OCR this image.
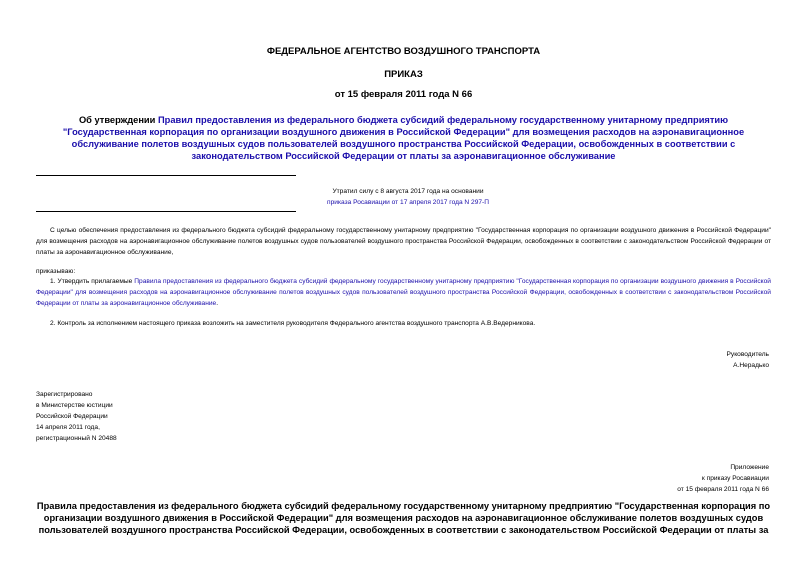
ФЕДЕРАЛЬНОЕ АГЕНТСТВО ВОЗДУШНОГО ТРАНСПОРТА
ПРИКАЗ
от 15 февраля 2011 года N 66
Об утверждении Правил предоставления из федерального бюджета субсидий федеральному государственному унитарному предприятию "Государственная корпорация по организации воздушного движения в Российской Федерации" для возмещения расходов на аэронавигационное обслуживание полетов воздушных судов пользователей воздушного пространства Российской Федерации, освобожденных в соответствии с законодательством Российской Федерации от платы за аэронавигационное обслуживание
Утратил силу с 8 августа 2017 года на основании
приказа Росавиации от 17 апреля 2017 года N 297-П
С целью обеспечения предоставления из федерального бюджета субсидий федеральному государственному унитарному предприятию "Государственная корпорация по организации воздушного движения в Российской Федерации" для возмещения расходов на аэронавигационное обслуживание полетов воздушных судов пользователей воздушного пространства Российской Федерации, освобожденных в соответствии с законодательством Российской Федерации от платы за аэронавигационное обслуживание,
приказываю:
1. Утвердить прилагаемые Правила предоставления из федерального бюджета субсидий федеральному государственному унитарному предприятию "Государственная корпорация по организации воздушного движения в Российской Федерации" для возмещения расходов на аэронавигационное обслуживание полетов воздушных судов пользователей воздушного пространства Российской Федерации, освобожденных в соответствии с законодательством Российской Федерации от платы за аэронавигационное обслуживание.
2. Контроль за исполнением настоящего приказа возложить на заместителя руководителя Федерального агентства воздушного транспорта А.В.Ведерникова.
Руководитель
А.Нерадько
Зарегистрировано
в Министерстве юстиции
Российской Федерации
14 апреля 2011 года,
регистрационный N 20488
Приложение
к приказу Росавиации
от 15 февраля 2011 года N 66
Правила предоставления из федерального бюджета субсидий федеральному государственному унитарному предприятию "Государственная корпорация по организации воздушного движения в Российской Федерации" для возмещения расходов на аэронавигационное обслуживание полетов воздушных судов пользователей воздушного пространства Российской Федерации, освобожденных в соответствии с законодательством Российской Федерации от платы за
